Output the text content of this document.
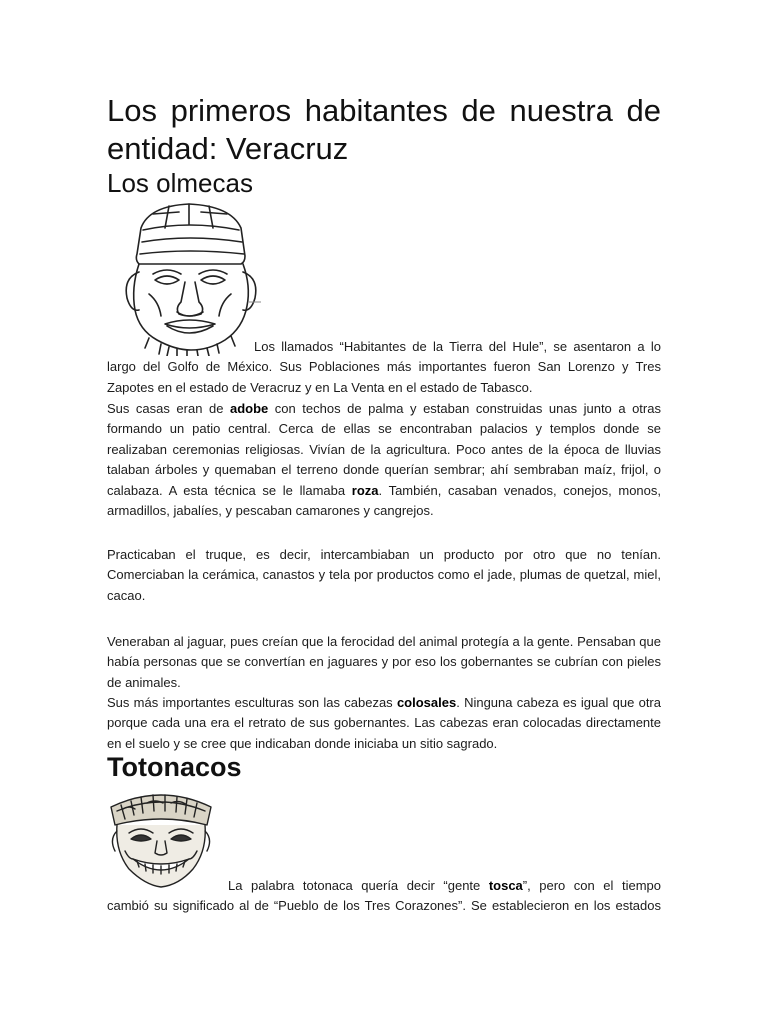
Los primeros habitantes de nuestra de entidad: Veracruz
Los olmecas

Los llamados “Habitantes de la Tierra del Hule”, se asentaron a lo
largo del Golfo de México. Sus Poblaciones más importantes fueron San Lorenzo y Tres Zapotes en el estado de Veracruz y en La Venta en el estado de Tabasco.

Sus casas eran de adobe con techos de palma y estaban construidas unas junto a otras formando un patio central. Cerca de ellas se encontraban palacios y templos donde se realizaban ceremonias religiosas. Vivían de la agricultura. Poco antes de la época de lluvias talaban árboles y quemaban el terreno donde querían sembrar; ahí sembraban maíz, frijol, o calabaza. A esta técnica se le llamaba roza. También, casaban venados, conejos, monos, armadillos, jabalíes, y pescaban camarones y cangrejos.

Practicaban el truque, es decir, intercambiaban un producto por otro que no tenían. Comerciaban la cerámica, canastos y tela por productos como el jade, plumas de quetzal, miel, cacao.

Veneraban al jaguar, pues creían que la ferocidad del animal protegía a la gente. Pensaban que había personas que se convertían en jaguares y por eso los gobernantes se cubrían con pieles de animales.

Sus más importantes esculturas son las cabezas colosales. Ninguna cabeza es igual que otra porque cada una era el retrato de sus gobernantes. Las cabezas eran colocadas directamente en el suelo y se cree que indicaban donde iniciaba un sitio sagrado.

Totonacos

La palabra totonaca quería decir “gente tosca”, pero con el tiempo
cambió su significado al de “Pueblo de los Tres Corazones”. Se establecieron en los estados
